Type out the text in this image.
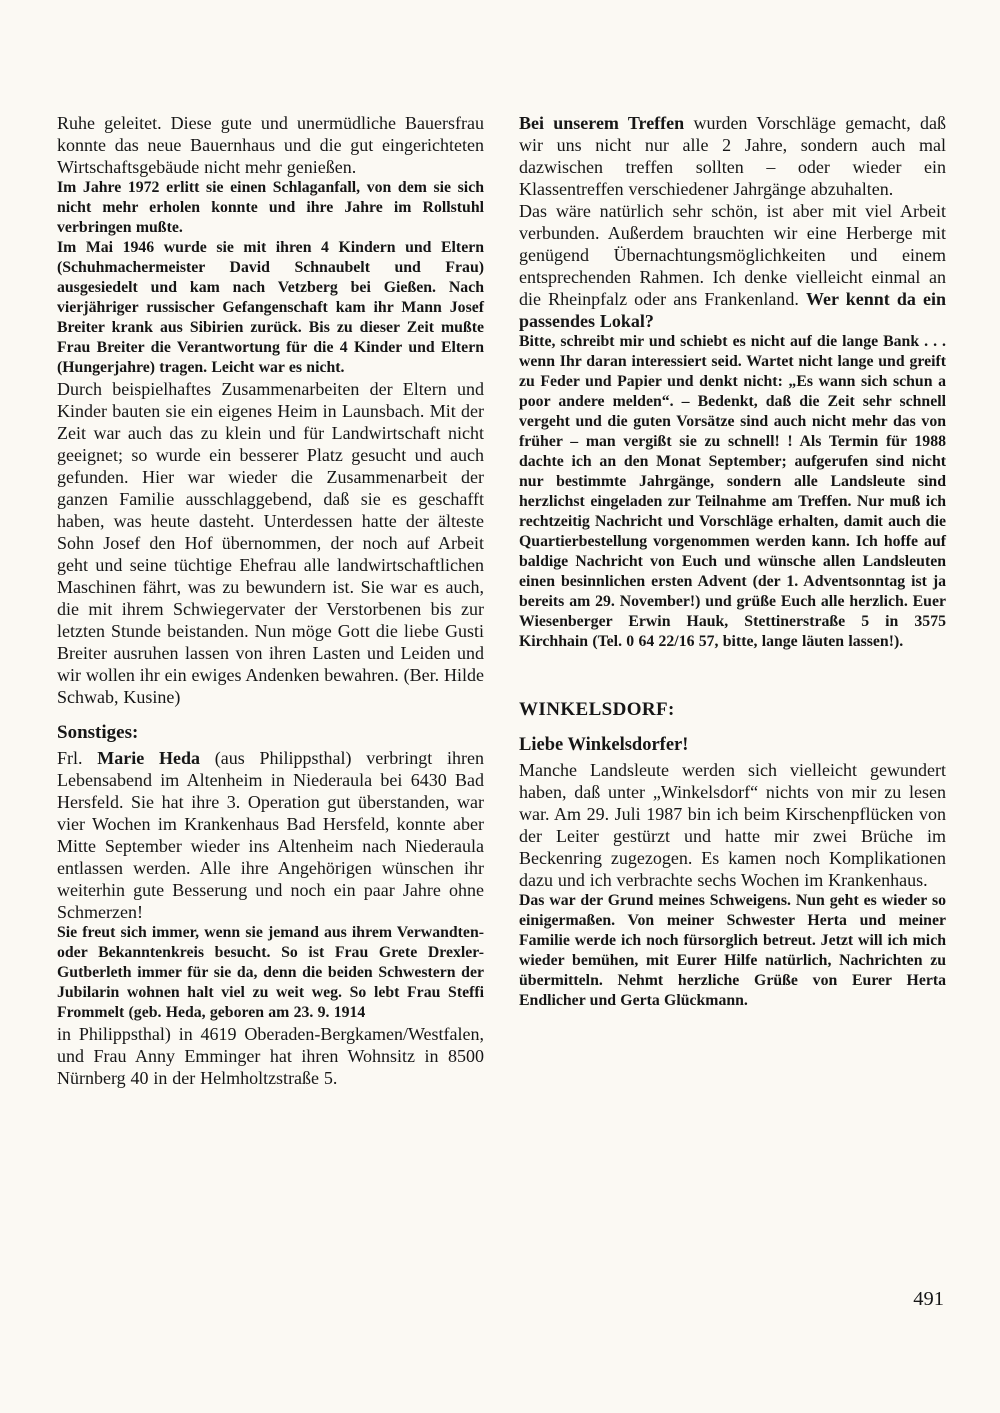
Ruhe geleitet. Diese gute und unermüdliche Bauersfrau konnte das neue Bauernhaus und die gut eingerichteten Wirtschaftsgebäude nicht mehr genießen.

Im Jahre 1972 erlitt sie einen Schlaganfall, von dem sie sich nicht mehr erholen konnte und ihre Jahre im Rollstuhl verbringen mußte.

Im Mai 1946 wurde sie mit ihren 4 Kindern und Eltern (Schuhmachermeister David Schnaubelt und Frau) ausgesiedelt und kam nach Vetzberg bei Gießen. Nach vierjähriger russischer Gefangenschaft kam ihr Mann Josef Breiter krank aus Sibirien zurück. Bis zu dieser Zeit mußte Frau Breiter die Verantwortung für die 4 Kinder und Eltern (Hungerjahre) tragen. Leicht war es nicht.

Durch beispielhaftes Zusammenarbeiten der Eltern und Kinder bauten sie ein eigenes Heim in Launsbach. Mit der Zeit war auch das zu klein und für Landwirtschaft nicht geeignet; so wurde ein besserer Platz gesucht und auch gefunden. Hier war wieder die Zusammenarbeit der ganzen Familie ausschlaggebend, daß sie es geschafft haben, was heute dasteht. Unterdessen hatte der älteste Sohn Josef den Hof übernommen, der noch auf Arbeit geht und seine tüchtige Ehefrau alle landwirtschaftlichen Maschinen fährt, was zu bewundern ist. Sie war es auch, die mit ihrem Schwiegervater der Verstorbenen bis zur letzten Stunde beistanden. Nun möge Gott die liebe Gusti Breiter ausruhen lassen von ihren Lasten und Leiden und wir wollen ihr ein ewiges Andenken bewahren. (Ber. Hilde Schwab, Kusine)

Sonstiges:

Frl. Marie Heda (aus Philippsthal) verbringt ihren Lebensabend im Altenheim in Niederaula bei 6430 Bad Hersfeld. Sie hat ihre 3. Operation gut überstanden, war vier Wochen im Krankenhaus Bad Hersfeld, konnte aber Mitte September wieder ins Altenheim nach Niederaula entlassen werden. Alle ihre Angehörigen wünschen ihr weiterhin gute Besserung und noch ein paar Jahre ohne Schmerzen!

Sie freut sich immer, wenn sie jemand aus ihrem Verwandten- oder Bekanntenkreis besucht. So ist Frau Grete Drexler-Gutberleth immer für sie da, denn die beiden Schwestern der Jubilarin wohnen halt viel zu weit weg. So lebt Frau Steffi Frommelt (geb. Heda, geboren am 23. 9. 1914

in Philippsthal) in 4619 Oberaden-Bergkamen/Westfalen, und Frau Anny Emminger hat ihren Wohnsitz in 8500 Nürnberg 40 in der Helmholtzstraße 5.

Bei unserem Treffen wurden Vorschläge gemacht, daß wir uns nicht nur alle 2 Jahre, sondern auch mal dazwischen treffen sollten – oder wieder ein Klassentreffen verschiedener Jahrgänge abzuhalten.

Das wäre natürlich sehr schön, ist aber mit viel Arbeit verbunden. Außerdem brauchten wir eine Herberge mit genügend Übernachtungsmöglichkeiten und einem entsprechenden Rahmen. Ich denke vielleicht einmal an die Rheinpfalz oder ans Frankenland. Wer kennt da ein passendes Lokal?

Bitte, schreibt mir und schiebt es nicht auf die lange Bank . . . wenn Ihr daran interessiert seid. Wartet nicht lange und greift zu Feder und Papier und denkt nicht: „Es wann sich schun a poor andere melden“. – Bedenkt, daß die Zeit sehr schnell vergeht und die guten Vorsätze sind auch nicht mehr das von früher – man vergißt sie zu schnell! ! Als Termin für 1988 dachte ich an den Monat September; aufgerufen sind nicht nur bestimmte Jahrgänge, sondern alle Landsleute sind herzlichst eingeladen zur Teilnahme am Treffen. Nur muß ich rechtzeitig Nachricht und Vorschläge erhalten, damit auch die Quartierbestellung vorgenommen werden kann. Ich hoffe auf baldige Nachricht von Euch und wünsche allen Landsleuten einen besinnlichen ersten Advent (der 1. Adventsonntag ist ja bereits am 29. November!) und grüße Euch alle herzlich. Euer Wiesenberger Erwin Hauk, Stettinerstraße 5 in 3575 Kirchhain (Tel. 0 64 22/16 57, bitte, lange läuten lassen!).

WINKELSDORF:
Liebe Winkelsdorfer!

Manche Landsleute werden sich vielleicht gewundert haben, daß unter „Winkelsdorf“ nichts von mir zu lesen war. Am 29. Juli 1987 bin ich beim Kirschenpflücken von der Leiter gestürzt und hatte mir zwei Brüche im Beckenring zugezogen. Es kamen noch Komplikationen dazu und ich verbrachte sechs Wochen im Krankenhaus.

Das war der Grund meines Schweigens. Nun geht es wieder so einigermaßen. Von meiner Schwester Herta und meiner Familie werde ich noch fürsorglich betreut. Jetzt will ich mich wieder bemühen, mit Eurer Hilfe natürlich, Nachrichten zu übermitteln. Nehmt herzliche Grüße von Eurer Herta Endlicher und Gerta Glückmann.

491
